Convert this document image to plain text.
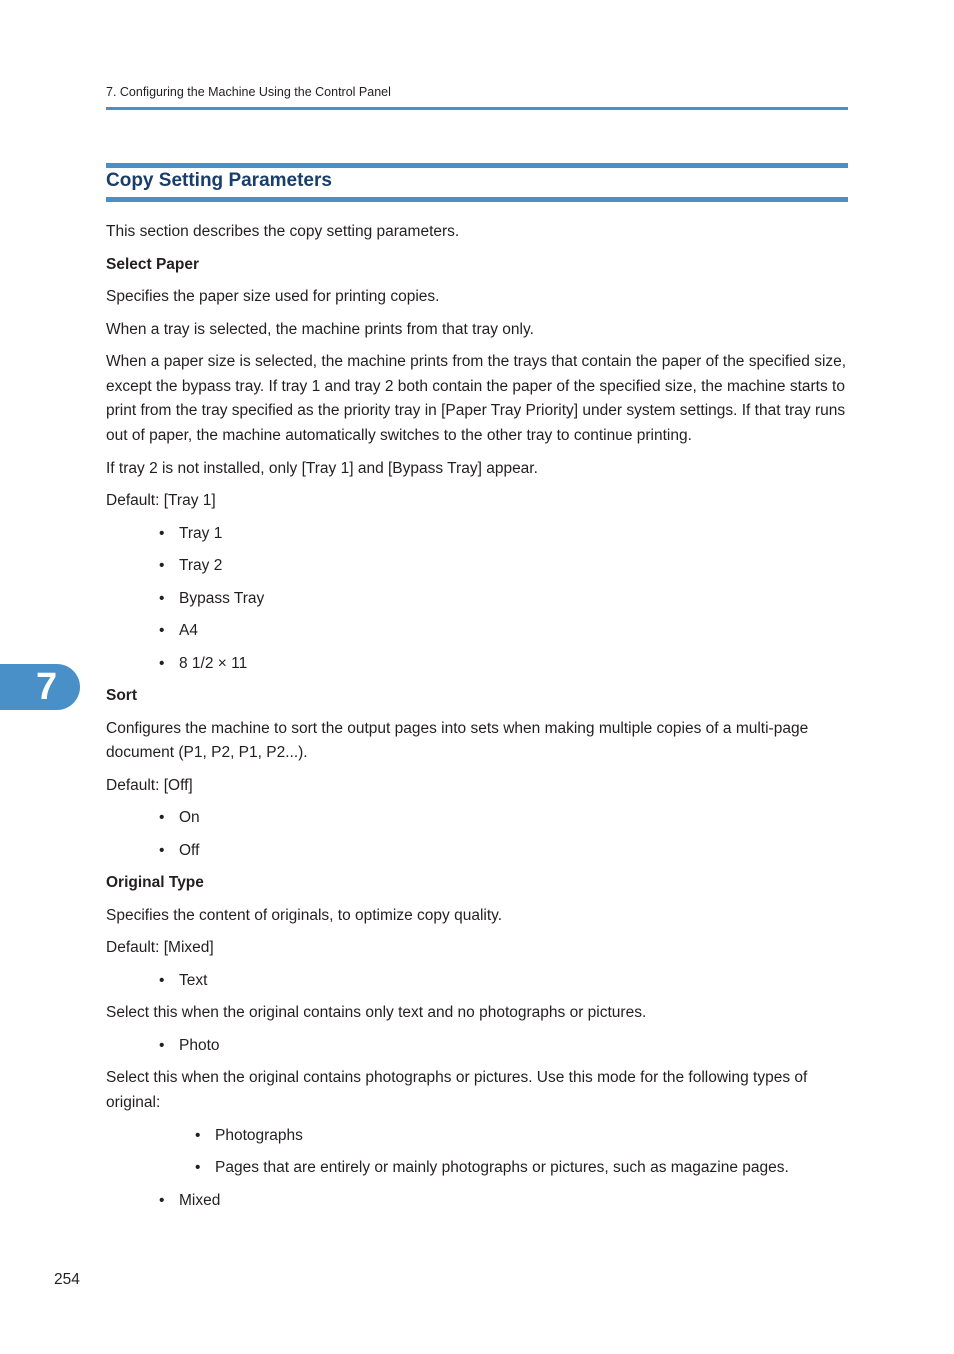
7. Configuring the Machine Using the Control Panel
Copy Setting Parameters

This section describes the copy setting parameters.

Select Paper

Specifies the paper size used for printing copies.

When a tray is selected, the machine prints from that tray only.

When a paper size is selected, the machine prints from the trays that contain the paper of the specified size, except the bypass tray. If tray 1 and tray 2 both contain the paper of the specified size, the machine starts to print from the tray specified as the priority tray in [Paper Tray Priority] under system settings. If that tray runs out of paper, the machine automatically switches to the other tray to continue printing.

If tray 2 is not installed, only [Tray 1] and [Bypass Tray] appear.

Default: [Tray 1]

• Tray 1
• Tray 2
• Bypass Tray
• A4
• 8 1/2 × 11
Sort

Configures the machine to sort the output pages into sets when making multiple copies of a multi-page document (P1, P2, P1, P2...).

Default: [Off]

• On
• Off
Original Type

Specifies the content of originals, to optimize copy quality.

Default: [Mixed]

• Text

Select this when the original contains only text and no photographs or pictures.

• Photo

Select this when the original contains photographs or pictures. Use this mode for the following types of original:

• Photographs
• Pages that are entirely or mainly photographs or pictures, such as magazine pages.
• Mixed
7
254
